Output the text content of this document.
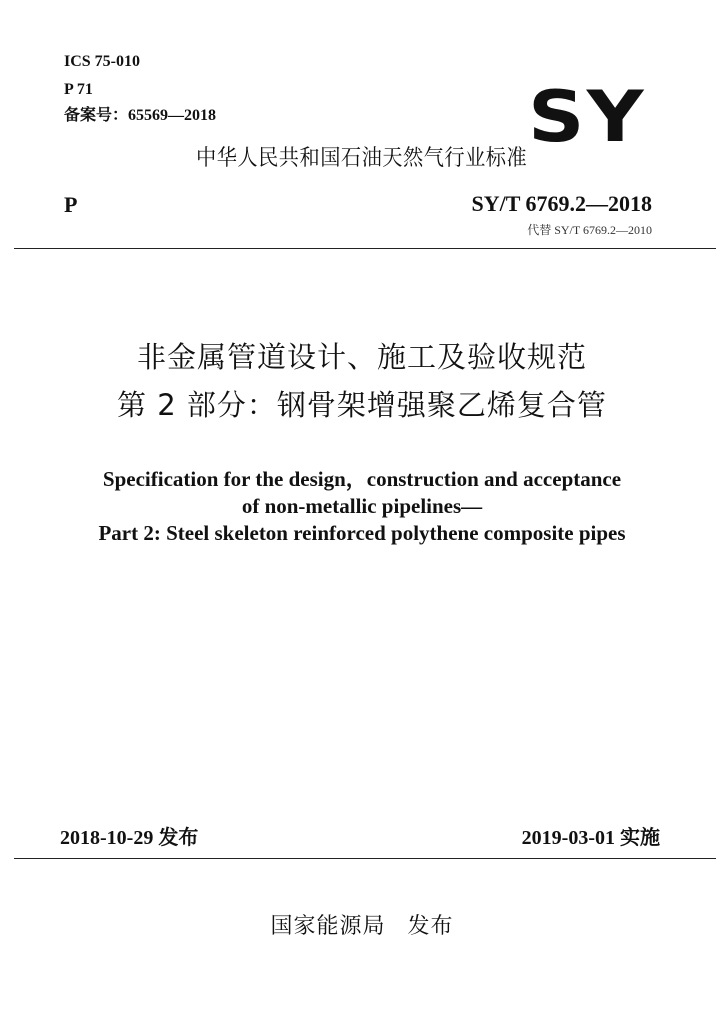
ICS 75-010
P 71
备案号：65569—2018	SY
中华人民共和国石油天然气行业标准
P	SY/T 6769.2—2018
代替 SY/T 6769.2—2010
非金属管道设计、施工及验收规范
第 2 部分：钢骨架增强聚乙烯复合管
Specification for the design，construction and acceptance
of non-metallic pipelines—
Part 2: Steel skeleton reinforced polythene composite pipes
2018-10-29 发布	2019-03-01 实施
国家能源局 发布
